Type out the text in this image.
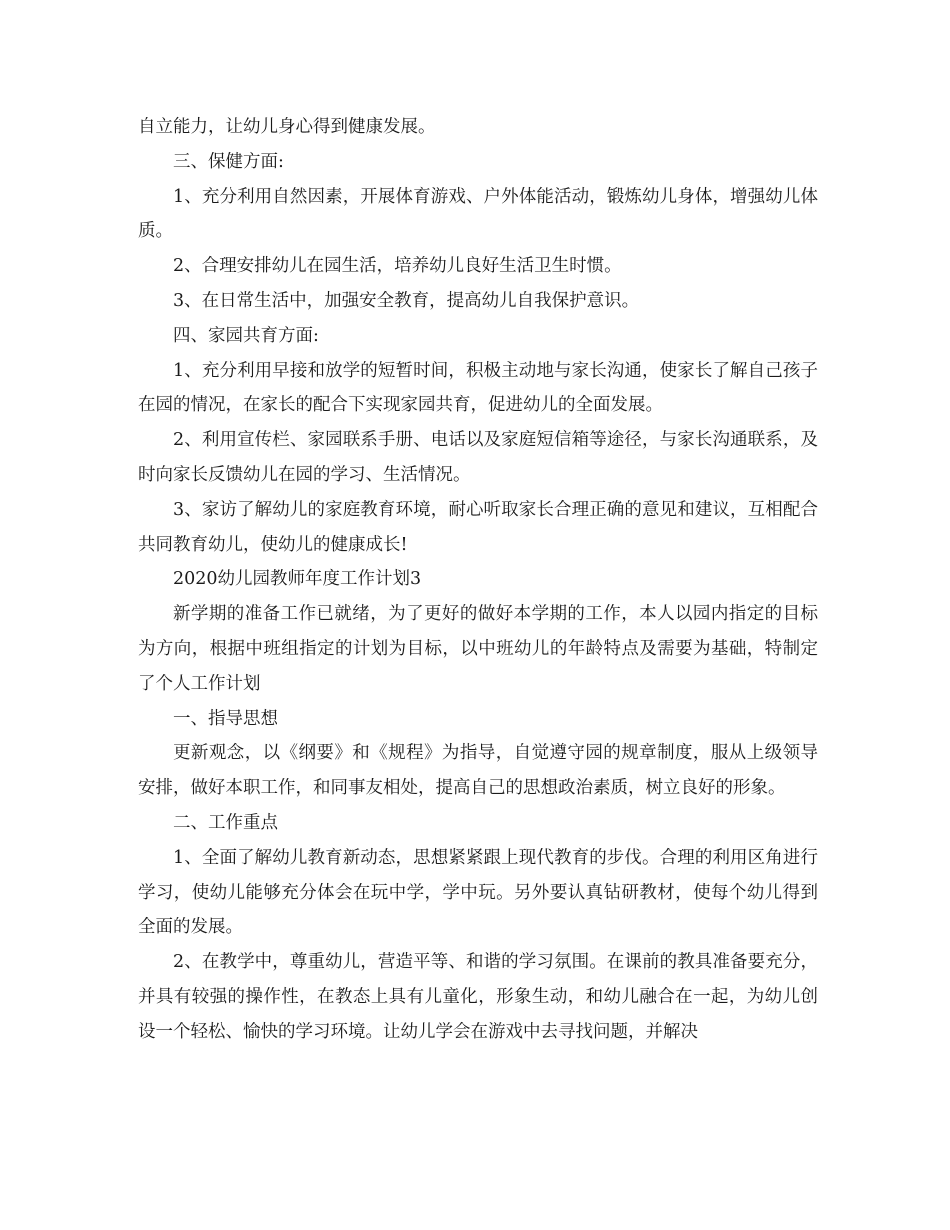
自立能力，让幼儿身心得到健康发展。

三、保健方面:

1、充分利用自然因素，开展体育游戏、户外体能活动，锻炼幼儿身体，增强幼儿体质。

2、合理安排幼儿在园生活，培养幼儿良好生活卫生时惯。

3、在日常生活中，加强安全教育，提高幼儿自我保护意识。

四、家园共育方面:

1、充分利用早接和放学的短暂时间，积极主动地与家长沟通，使家长了解自己孩子在园的情况，在家长的配合下实现家园共育，促进幼儿的全面发展。

2、利用宣传栏、家园联系手册、电话以及家庭短信箱等途径，与家长沟通联系，及时向家长反馈幼儿在园的学习、生活情况。

3、家访了解幼儿的家庭教育环境，耐心听取家长合理正确的意见和建议，互相配合共同教育幼儿，使幼儿的健康成长!

2020幼儿园教师年度工作计划3

新学期的准备工作已就绪，为了更好的做好本学期的工作，本人以园内指定的目标为方向，根据中班组指定的计划为目标，以中班幼儿的年龄特点及需要为基础，特制定了个人工作计划

一、指导思想

更新观念，以《纲要》和《规程》为指导，自觉遵守园的规章制度，服从上级领导安排，做好本职工作，和同事友相处，提高自己的思想政治素质，树立良好的形象。

二、工作重点

1、全面了解幼儿教育新动态，思想紧紧跟上现代教育的步伐。合理的利用区角进行学习，使幼儿能够充分体会在玩中学，学中玩。另外要认真钻研教材，使每个幼儿得到全面的发展。

2、在教学中，尊重幼儿，营造平等、和谐的学习氛围。在课前的教具准备要充分，并具有较强的操作性，在教态上具有儿童化，形象生动，和幼儿融合在一起，为幼儿创设一个轻松、愉快的学习环境。让幼儿学会在游戏中去寻找问题，并解决
